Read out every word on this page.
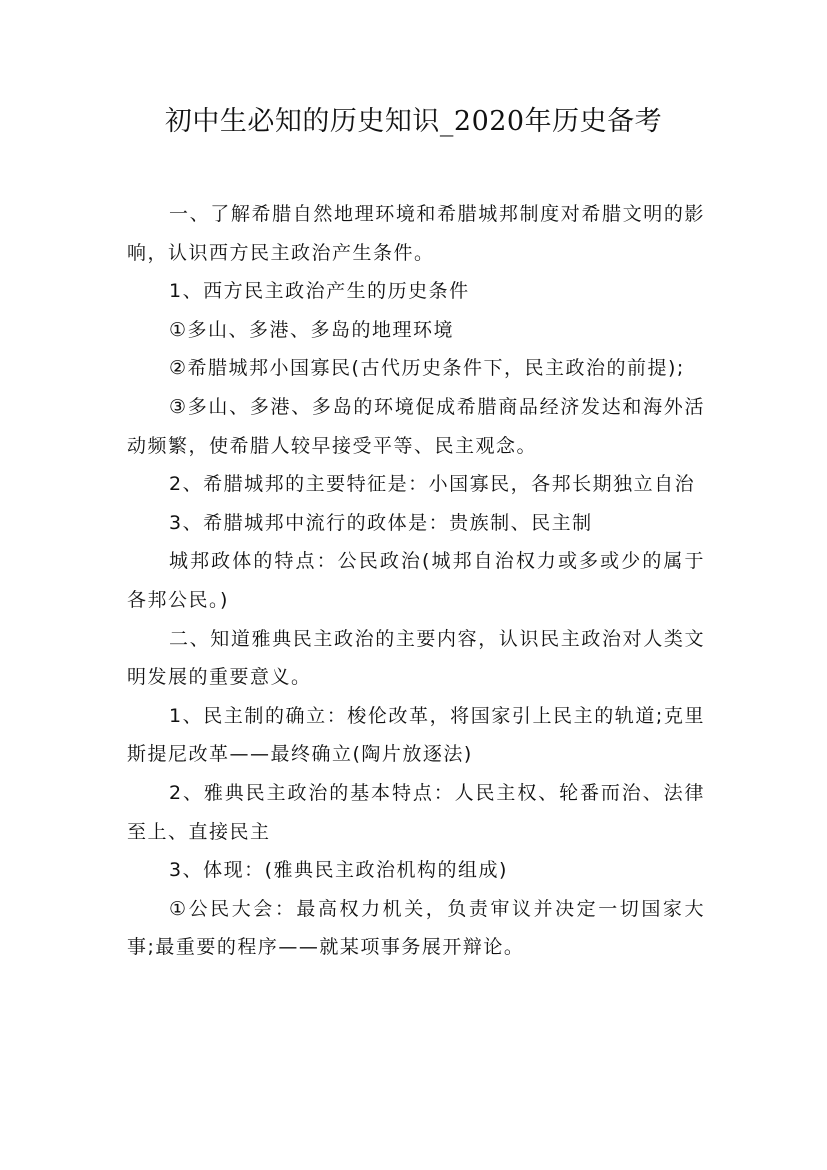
初中生必知的历史知识_2020年历史备考

一、了解希腊自然地理环境和希腊城邦制度对希腊文明的影响，认识西方民主政治产生条件。

1、西方民主政治产生的历史条件

①多山、多港、多岛的地理环境

②希腊城邦小国寡民(古代历史条件下，民主政治的前提);

③多山、多港、多岛的环境促成希腊商品经济发达和海外活动频繁，使希腊人较早接受平等、民主观念。

2、希腊城邦的主要特征是：小国寡民，各邦长期独立自治

3、希腊城邦中流行的政体是：贵族制、民主制

城邦政体的特点：公民政治(城邦自治权力或多或少的属于各邦公民。)

二、知道雅典民主政治的主要内容，认识民主政治对人类文明发展的重要意义。

1、民主制的确立：梭伦改革，将国家引上民主的轨道;克里斯提尼改革——最终确立(陶片放逐法)

2、雅典民主政治的基本特点：人民主权、轮番而治、法律至上、直接民主

3、体现：(雅典民主政治机构的组成)

①公民大会：最高权力机关，负责审议并决定一切国家大事;最重要的程序——就某项事务展开辩论。
